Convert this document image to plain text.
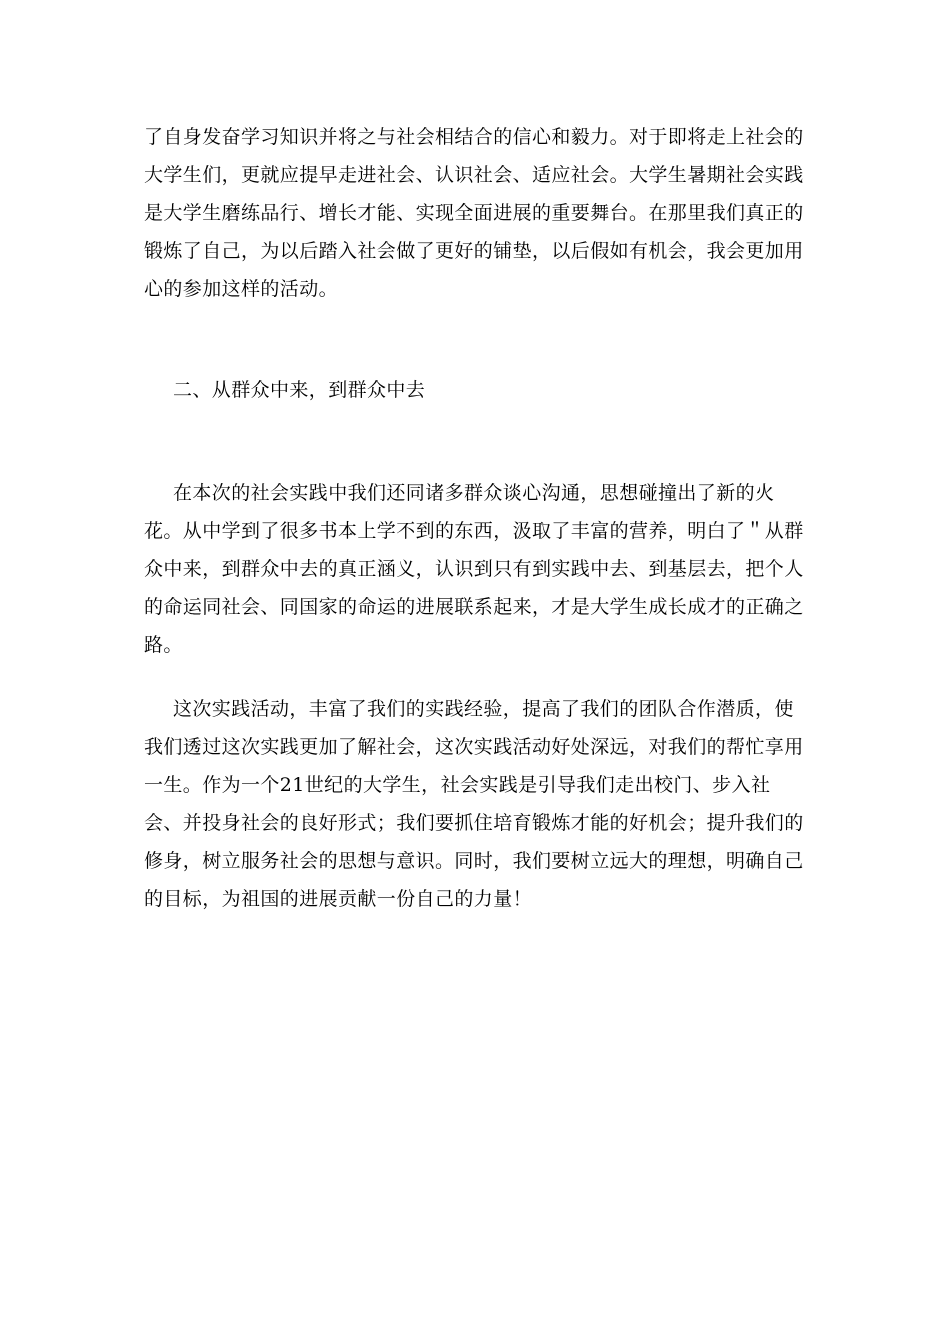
了自身发奋学习知识并将之与社会相结合的信心和毅力。对于即将走上社会的大学生们，更就应提早走进社会、认识社会、适应社会。大学生暑期社会实践是大学生磨练品行、增长才能、实现全面进展的重要舞台。在那里我们真正的锻炼了自己，为以后踏入社会做了更好的铺垫，以后假如有机会，我会更加用心的参加这样的活动。

二、从群众中来，到群众中去

在本次的社会实践中我们还同诸多群众谈心沟通，思想碰撞出了新的火花。从中学到了很多书本上学不到的东西，汲取了丰富的营养，明白了＂从群众中来，到群众中去的真正涵义，认识到只有到实践中去、到基层去，把个人的命运同社会、同国家的命运的进展联系起来，才是大学生成长成才的正确之路。

这次实践活动，丰富了我们的实践经验，提高了我们的团队合作潜质，使我们透过这次实践更加了解社会，这次实践活动好处深远，对我们的帮忙享用一生。作为一个21世纪的大学生，社会实践是引导我们走出校门、步入社会、并投身社会的良好形式；我们要抓住培育锻炼才能的好机会；提升我们的修身，树立服务社会的思想与意识。同时，我们要树立远大的理想，明确自己的目标，为祖国的进展贡献一份自己的力量！
